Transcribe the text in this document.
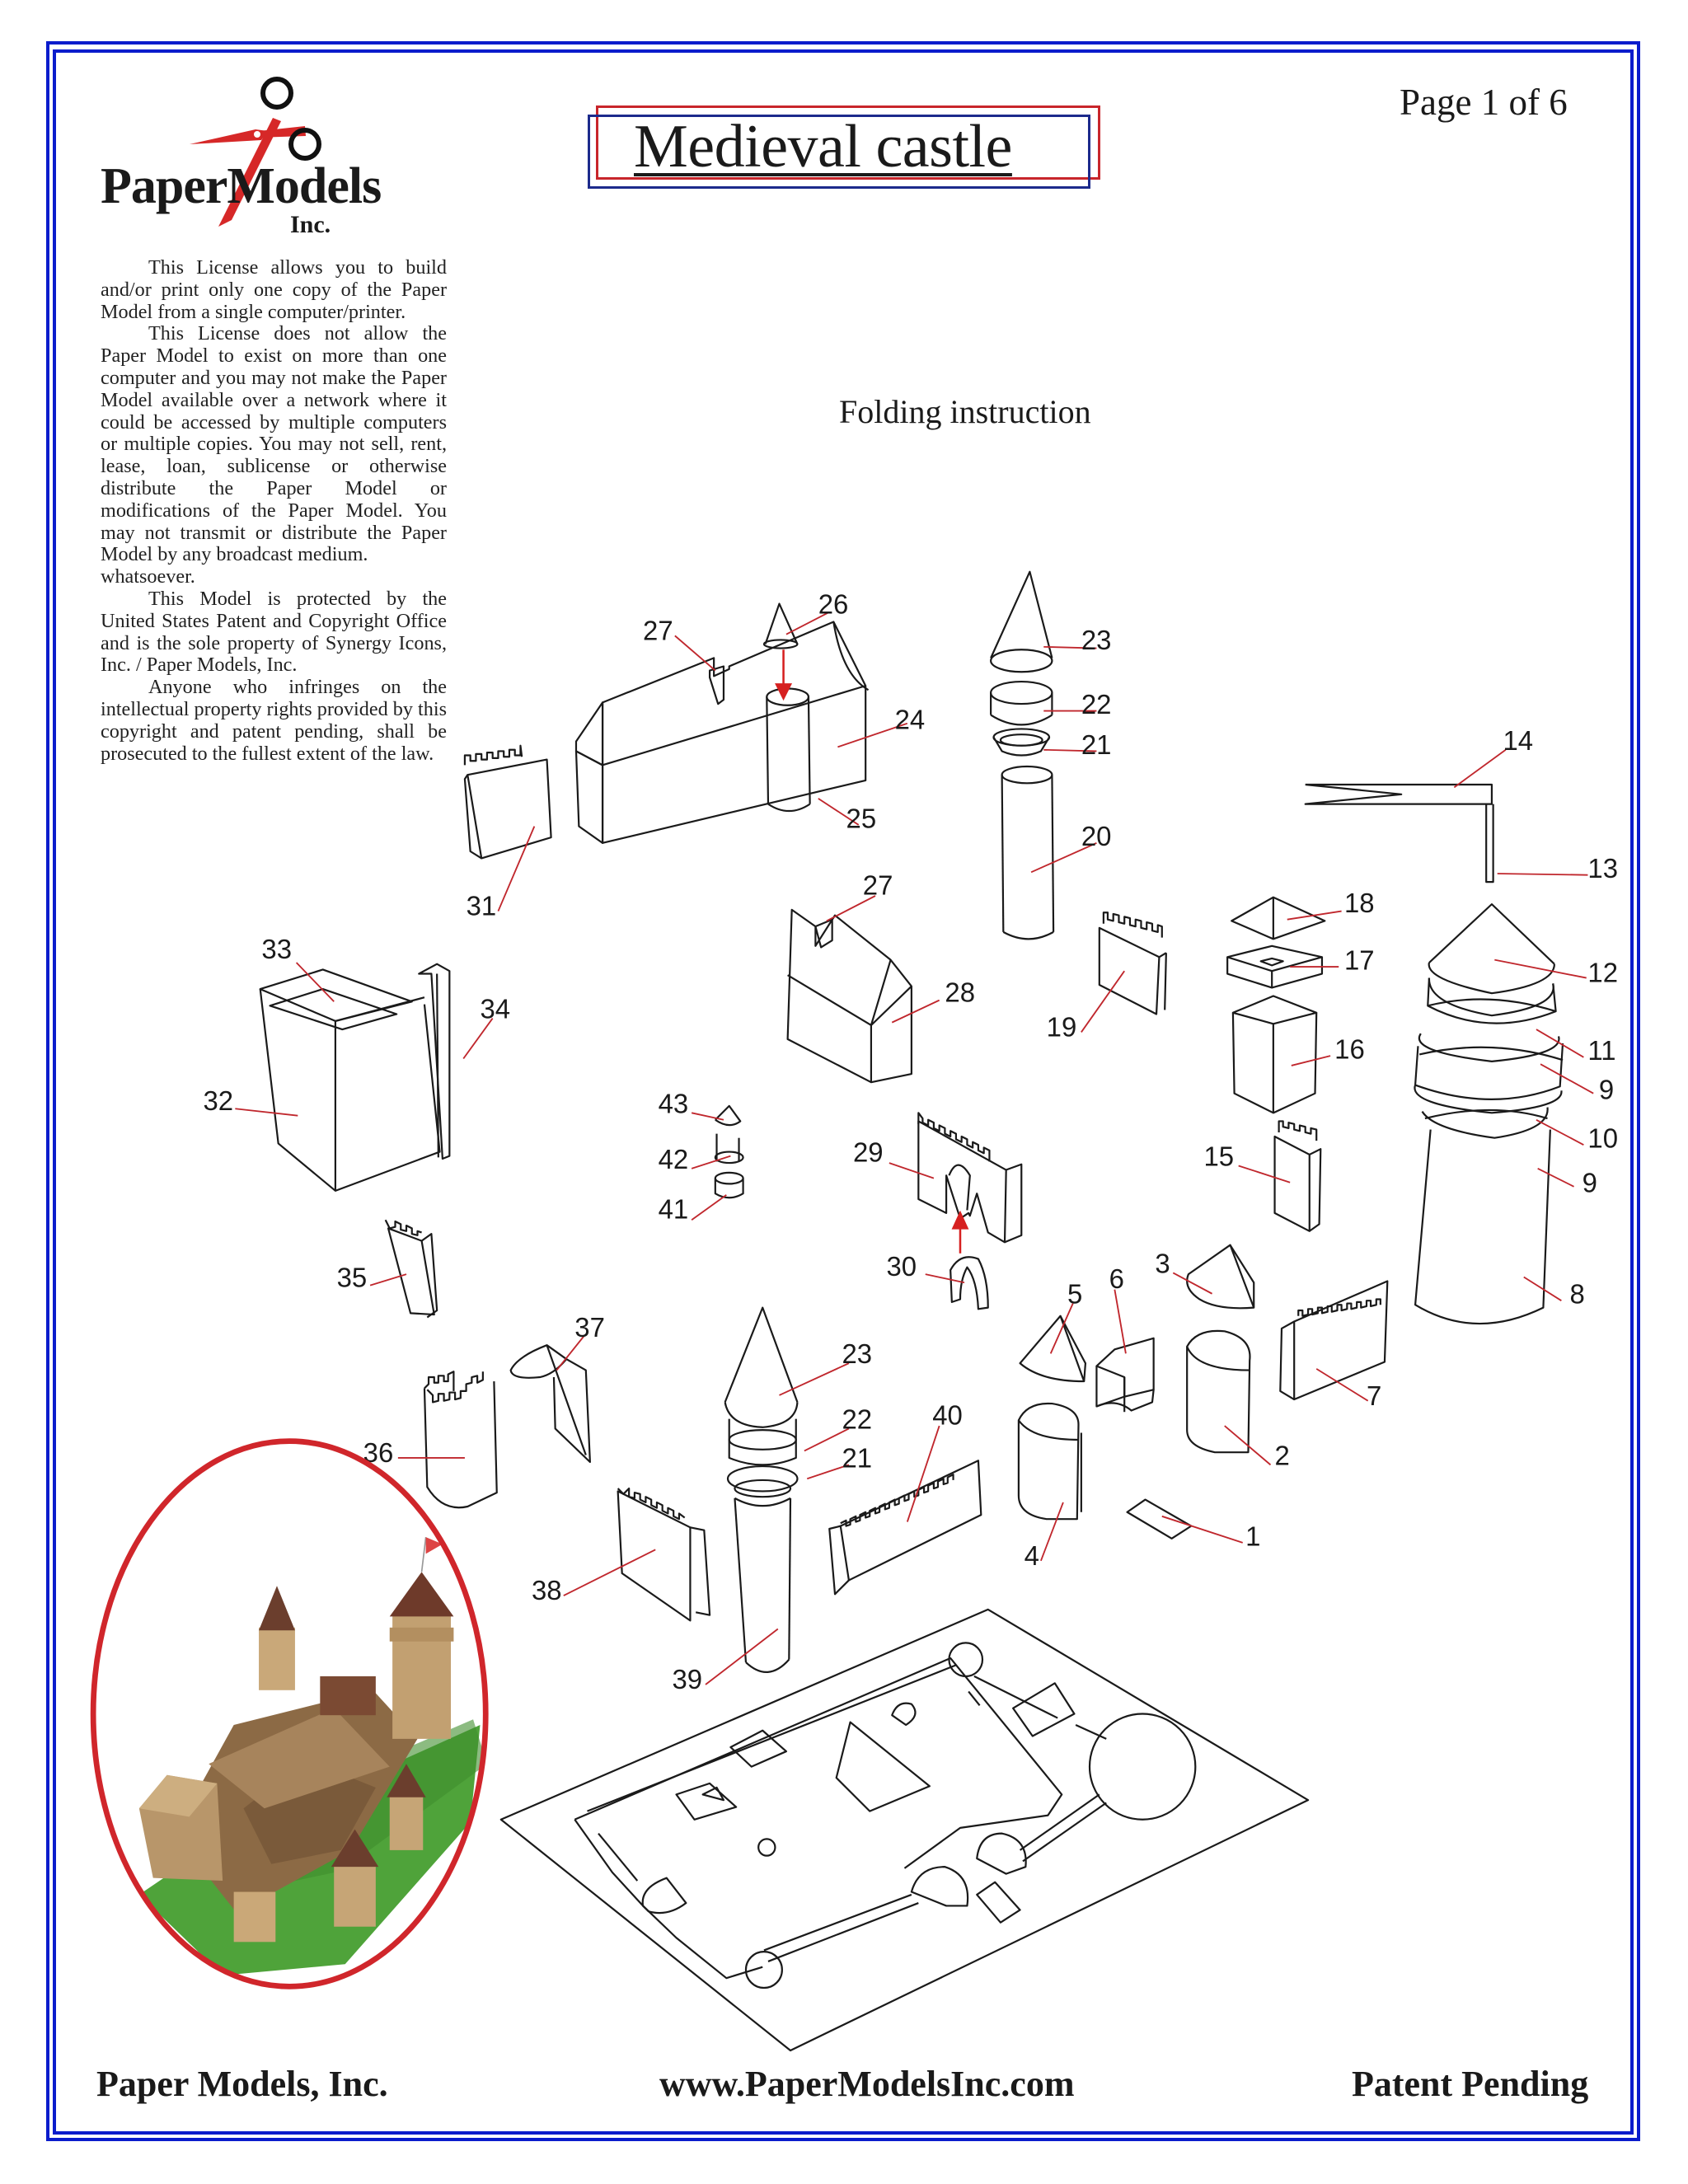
PaperModels
Inc.

This License allows you to build and/or print only one copy of the Paper Model from a single computer/printer.

This License does not allow the Paper Model to exist on more than one computer and you may not make the Paper Model available over a network where it could be accessed by multiple computers or multiple copies. You may not sell, rent, lease, loan, sublicense or otherwise distribute the Paper Model or modifications of the Paper Model. You may not transmit or distribute the Paper Model by any broadcast medium.

whatsoever.

This Model is protected by the United States Patent and Copyright Office and is the sole property of Synergy Icons, Inc. / Paper Models, Inc.

Anyone who infringes on the intellectual property rights provided by this copyright and patent pending, shall be prosecuted to the fullest extent of the law.

Medieval castle
Page 1 of 6
Folding instruction
27
26
23
22
21
24
25
20
14
13
31
27
18
17	12
33
34
28
19
16	11
9
32	43
10
42	29	15
9
41
30	3
5
6
8
35
37
23
7
40
22
21
36	2
1
4
38
39
Paper Models, Inc.	www.PaperModelsInc.com	Patent Pending
